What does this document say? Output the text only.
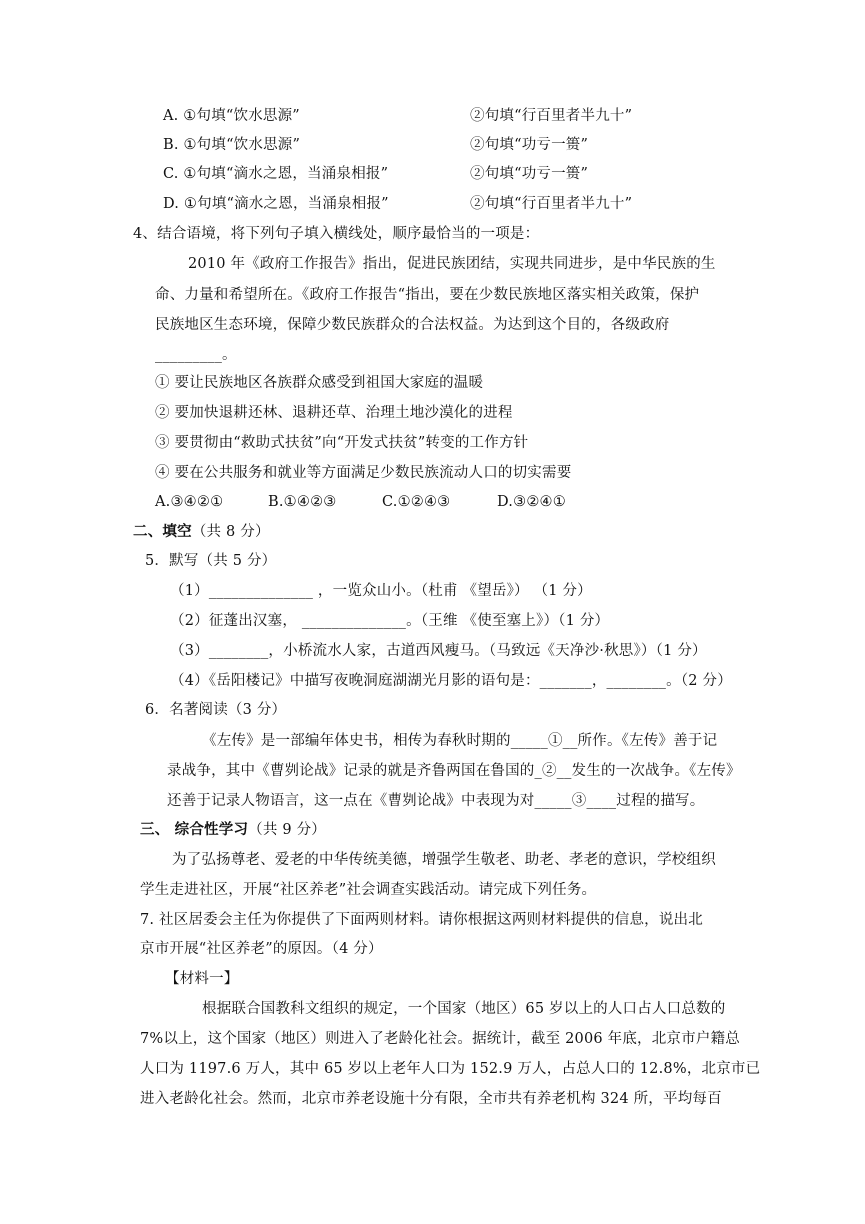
A. ①句填“饮水思源”	②句填“行百里者半九十”
B. ①句填“饮水思源”	②句填“功亏一篑”
C. ①句填“滴水之恩，当涌泉相报”	②句填“功亏一篑”
D. ①句填“滴水之恩，当涌泉相报”	②句填“行百里者半九十”
4、结合语境，将下列句子填入横线处，顺序最恰当的一项是：
2010 年《政府工作报告》指出，促进民族团结，实现共同进步，是中华民族的生
命、力量和希望所在。《政府工作报告“指出，要在少数民族地区落实相关政策，保护
民族地区生态环境，保障少数民族群众的合法权益。为达到这个目的，各级政府
_________。
① 要让民族地区各族群众感受到祖国大家庭的温暖
② 要加快退耕还林、退耕还草、治理土地沙漠化的进程
③ 要贯彻由“救助式扶贫”向“开发式扶贫”转变的工作方针
④ 要在公共服务和就业等方面满足少数民族流动人口的切实需要
A.③④②①	B.①④②③	C.①②④③	D.③②④①
二、填空（共 8 分）
5．默写（共 5 分）
（1）______________ ，一览众山小。（杜甫 《望岳》） （1 分）
（2）征蓬出汉塞， ______________。（王维 《使至塞上》）（1 分）
（3）________，小桥流水人家，古道西风瘦马。（马致远《天净沙·秋思》）（1 分）
（4）《岳阳楼记》中描写夜晚洞庭湖湖光月影的语句是：_______，________。（2 分）
6．名著阅读（3 分）
《左传》是一部编年体史书，相传为春秋时期的_____①__所作。《左传》善于记
录战争，其中《曹刿论战》记录的就是齐鲁两国在鲁国的_②__发生的一次战争。《左传》
还善于记录人物语言，这一点在《曹刿论战》中表现为对_____③____过程的描写。
三、 综合性学习（共 9 分）
为了弘扬尊老、爱老的中华传统美德，增强学生敬老、助老、孝老的意识，学校组织
学生走进社区，开展“社区养老”社会调查实践活动。请完成下列任务。
7. 社区居委会主任为你提供了下面两则材料。请你根据这两则材料提供的信息，说出北
京市开展“社区养老”的原因。（4 分）
【材料一】
根据联合国教科文组织的规定，一个国家（地区）65 岁以上的人口占人口总数的
7%以上，这个国家（地区）则进入了老龄化社会。据统计，截至 2006 年底，北京市户籍总
人口为 1197.6 万人，其中 65 岁以上老年人口为 152.9 万人，占总人口的 12.8%，北京市已
进入老龄化社会。然而，北京市养老设施十分有限，全市共有养老机构 324 所，平均每百
